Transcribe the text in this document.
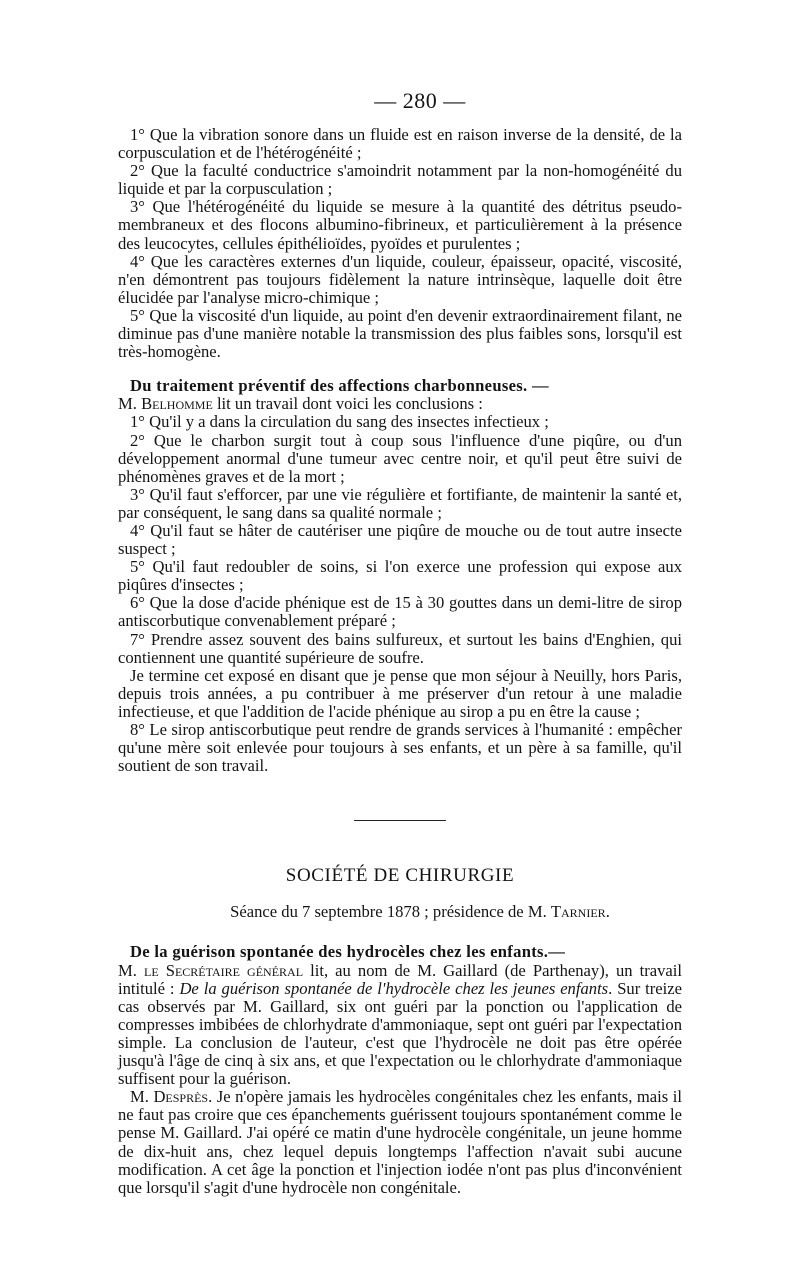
— 280 —

1° Que la vibration sonore dans un fluide est en raison inverse de la densité, de la corpusculation et de l'hétérogénéité ;

2° Que la faculté conductrice s'amoindrit notamment par la non-homogénéité du liquide et par la corpusculation ;

3° Que l'hétérogénéité du liquide se mesure à la quantité des détritus pseudo-membraneux et des flocons albumino-fibrineux, et particulièrement à la présence des leucocytes, cellules épithélioïdes, pyoïdes et purulentes ;

4° Que les caractères externes d'un liquide, couleur, épaisseur, opacité, viscosité, n'en démontrent pas toujours fidèlement la nature intrinsèque, laquelle doit être élucidée par l'analyse micro-chimique ;

5° Que la viscosité d'un liquide, au point d'en devenir extraordinairement filant, ne diminue pas d'une manière notable la transmission des plus faibles sons, lorsqu'il est très-homogène.

Du traitement préventif des affections charbonneuses. —

M. Belhomme lit un travail dont voici les conclusions :

1° Qu'il y a dans la circulation du sang des insectes infectieux ;

2° Que le charbon surgit tout à coup sous l'influence d'une piqûre, ou d'un développement anormal d'une tumeur avec centre noir, et qu'il peut être suivi de phénomènes graves et de la mort ;

3° Qu'il faut s'efforcer, par une vie régulière et fortifiante, de maintenir la santé et, par conséquent, le sang dans sa qualité normale ;

4° Qu'il faut se hâter de cautériser une piqûre de mouche ou de tout autre insecte suspect ;

5° Qu'il faut redoubler de soins, si l'on exerce une profession qui expose aux piqûres d'insectes ;

6° Que la dose d'acide phénique est de 15 à 30 gouttes dans un demi-litre de sirop antiscorbutique convenablement préparé ;

7° Prendre assez souvent des bains sulfureux, et surtout les bains d'Enghien, qui contiennent une quantité supérieure de soufre.

Je termine cet exposé en disant que je pense que mon séjour à Neuilly, hors Paris, depuis trois années, a pu contribuer à me préserver d'un retour à une maladie infectieuse, et que l'addition de l'acide phénique au sirop a pu en être la cause ;

8° Le sirop antiscorbutique peut rendre de grands services à l'humanité : empêcher qu'une mère soit enlevée pour toujours à ses enfants, et un père à sa famille, qu'il soutient de son travail.

SOCIÉTÉ DE CHIRURGIE
Séance du 7 septembre 1878 ; présidence de M. Tarnier.

De la guérison spontanée des hydrocèles chez les enfants.—

M. le Secrétaire général lit, au nom de M. Gaillard (de Parthenay), un travail intitulé : De la guérison spontanée de l'hydrocèle chez les jeunes enfants. Sur treize cas observés par M. Gaillard, six ont guéri par la ponction ou l'application de compresses imbibées de chlorhydrate d'ammoniaque, sept ont guéri par l'expectation simple. La conclusion de l'auteur, c'est que l'hydrocèle ne doit pas être opérée jusqu'à l'âge de cinq à six ans, et que l'expectation ou le chlorhydrate d'ammoniaque suffisent pour la guérison.

M. Desprès. Je n'opère jamais les hydrocèles congénitales chez les enfants, mais il ne faut pas croire que ces épanchements guérissent toujours spontanément comme le pense M. Gaillard. J'ai opéré ce matin d'une hydrocèle congénitale, un jeune homme de dix-huit ans, chez lequel depuis longtemps l'affection n'avait subi aucune modification. A cet âge la ponction et l'injection iodée n'ont pas plus d'inconvénient que lorsqu'il s'agit d'une hydrocèle non congénitale.
